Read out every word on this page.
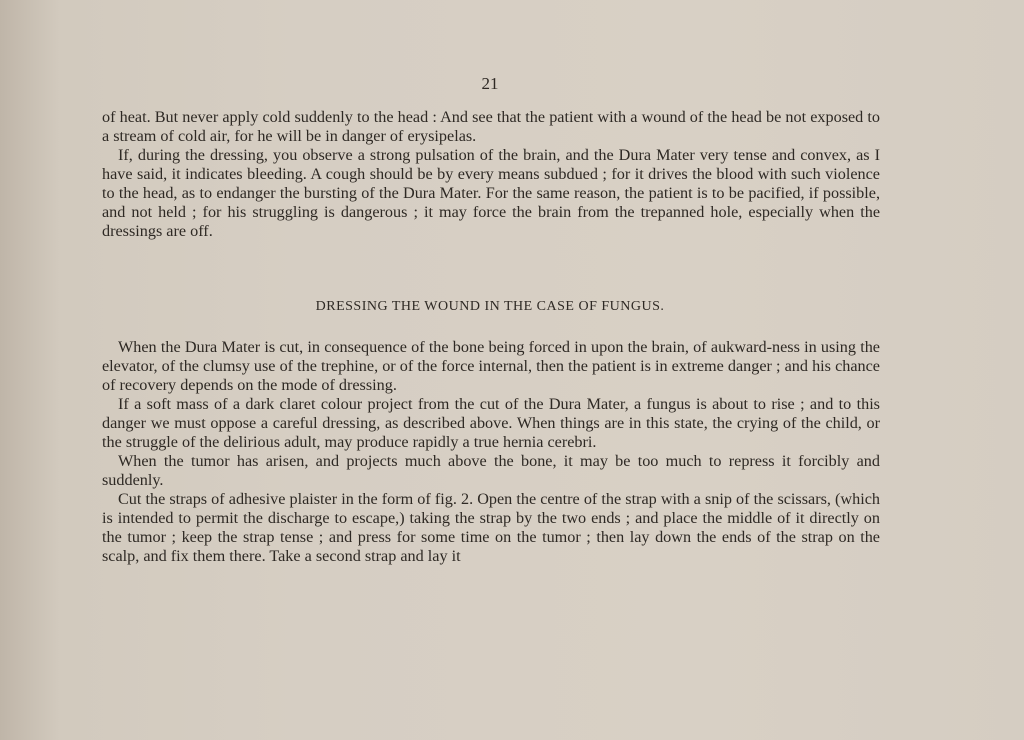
21

of heat. But never apply cold suddenly to the head : And see that the patient with a wound of the head be not exposed to a stream of cold air, for he will be in danger of erysipelas.

If, during the dressing, you observe a strong pulsation of the brain, and the Dura Mater very tense and convex, as I have said, it indicates bleeding. A cough should be by every means subdued ; for it drives the blood with such violence to the head, as to endanger the bursting of the Dura Mater. For the same reason, the patient is to be pacified, if possible, and not held ; for his struggling is dangerous ; it may force the brain from the trepanned hole, especially when the dressings are off.

DRESSING THE WOUND IN THE CASE OF FUNGUS.

When the Dura Mater is cut, in consequence of the bone being forced in upon the brain, of aukward-ness in using the elevator, of the clumsy use of the trephine, or of the force internal, then the patient is in extreme danger ; and his chance of recovery depends on the mode of dressing.

If a soft mass of a dark claret colour project from the cut of the Dura Mater, a fungus is about to rise ; and to this danger we must oppose a careful dressing, as described above. When things are in this state, the crying of the child, or the struggle of the delirious adult, may produce rapidly a true hernia cerebri.

When the tumor has arisen, and projects much above the bone, it may be too much to repress it forcibly and suddenly.

Cut the straps of adhesive plaister in the form of fig. 2. Open the centre of the strap with a snip of the scissars, (which is intended to permit the discharge to escape,) taking the strap by the two ends ; and place the middle of it directly on the tumor ; keep the strap tense ; and press for some time on the tumor ; then lay down the ends of the strap on the scalp, and fix them there. Take a second strap and lay it
